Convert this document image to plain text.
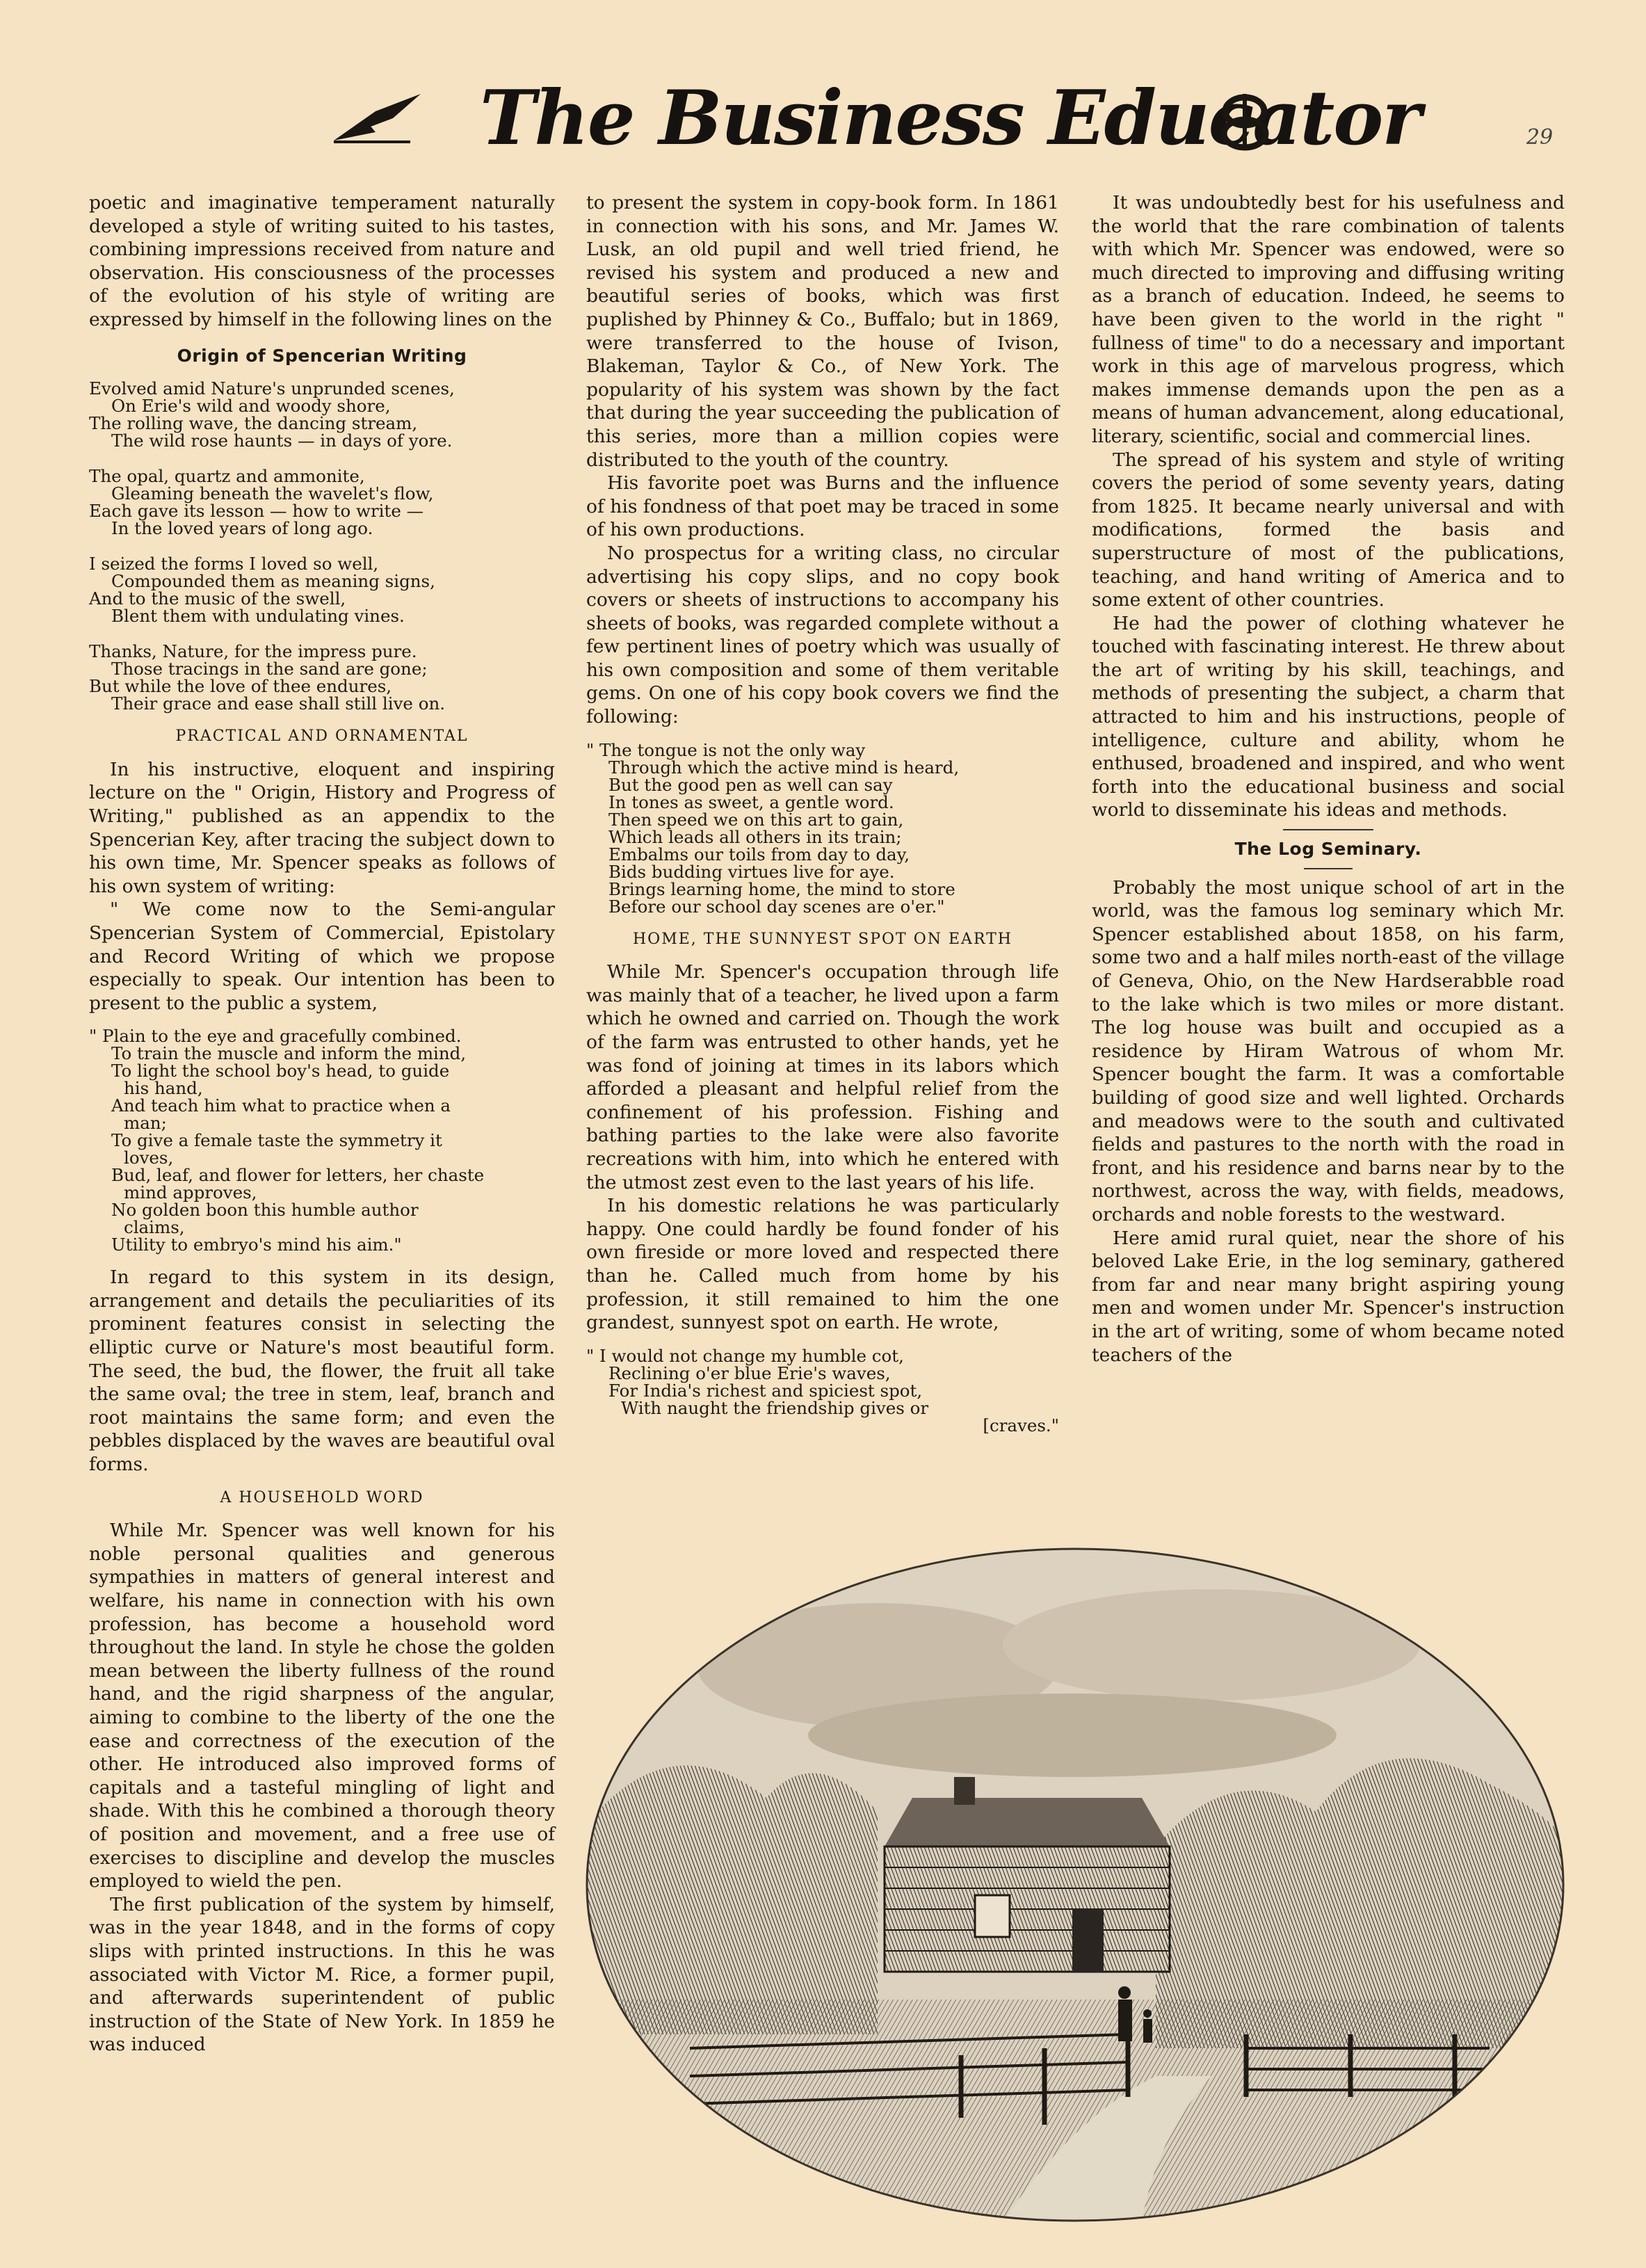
The Business Educator	29

poetic and imaginative temperament naturally developed a style of writing suited to his tastes, combining impressions received from nature and observation. His consciousness of the processes of the evolution of his style of writing are expressed by himself in the following lines on the

Origin of Spencerian Writing
Evolved amid Nature's unprunded scenes,
On Erie's wild and woody shore,
The rolling wave, the dancing stream,
The wild rose haunts — in days of yore.
The opal, quartz and ammonite,
Gleaming beneath the wavelet's flow,
Each gave its lesson — how to write —
In the loved years of long ago.
I seized the forms I loved so well,
Compounded them as meaning signs,
And to the music of the swell,
Blent them with undulating vines.
Thanks, Nature, for the impress pure.
Those tracings in the sand are gone;
But while the love of thee endures,
Their grace and ease shall still live on.
PRACTICAL AND ORNAMENTAL

In his instructive, eloquent and inspiring lecture on the " Origin, History and Progress of Writing," published as an appendix to the Spencerian Key, after tracing the subject down to his own time, Mr. Spencer speaks as follows of his own system of writing:

" We come now to the Semi-angular Spencerian System of Commercial, Epistolary and Record Writing of which we propose especially to speak. Our intention has been to present to the public a system,

" Plain to the eye and gracefully combined.
To train the muscle and inform the mind,
To light the school boy's head, to guide
his hand,
And teach him what to practice when a
man;
To give a female taste the symmetry it
loves,
Bud, leaf, and flower for letters, her chaste
mind approves,
No golden boon this humble author
claims,
Utility to embryo's mind his aim."

In regard to this system in its design, arrangement and details the peculiarities of its prominent features consist in selecting the elliptic curve or Nature's most beautiful form. The seed, the bud, the flower, the fruit all take the same oval; the tree in stem, leaf, branch and root maintains the same form; and even the pebbles displaced by the waves are beautiful oval forms.

A HOUSEHOLD WORD

While Mr. Spencer was well known for his noble personal qualities and generous sympathies in matters of general interest and welfare, his name in connection with his own profession, has become a household word throughout the land. In style he chose the golden mean between the liberty fullness of the round hand, and the rigid sharpness of the angular, aiming to combine to the liberty of the one the ease and correctness of the execution of the other. He introduced also improved forms of capitals and a tasteful mingling of light and shade. With this he combined a thorough theory of position and movement, and a free use of exercises to discipline and develop the muscles employed to wield the pen.

The first publication of the system by himself, was in the year 1848, and in the forms of copy slips with printed instructions. In this he was associated with Victor M. Rice, a former pupil, and afterwards superintendent of public instruction of the State of New York. In 1859 he was induced

to present the system in copy-book form. In 1861 in connection with his sons, and Mr. James W. Lusk, an old pupil and well tried friend, he revised his system and produced a new and beautiful series of books, which was first puplished by Phinney & Co., Buffalo; but in 1869, were transferred to the house of Ivison, Blakeman, Taylor & Co., of New York. The popularity of his system was shown by the fact that during the year succeeding the publication of this series, more than a million copies were distributed to the youth of the country.

His favorite poet was Burns and the influence of his fondness of that poet may be traced in some of his own productions.

No prospectus for a writing class, no circular advertising his copy slips, and no copy book covers or sheets of instructions to accompany his sheets of books, was regarded complete without a few pertinent lines of poetry which was usually of his own composition and some of them veritable gems. On one of his copy book covers we find the following:

" The tongue is not the only way
Through which the active mind is heard,
But the good pen as well can say
In tones as sweet, a gentle word.
Then speed we on this art to gain,
Which leads all others in its train;
Embalms our toils from day to day,
Bids budding virtues live for aye.
Brings learning home, the mind to store
Before our school day scenes are o'er."
HOME, THE SUNNYEST SPOT ON EARTH

While Mr. Spencer's occupation through life was mainly that of a teacher, he lived upon a farm which he owned and carried on. Though the work of the farm was entrusted to other hands, yet he was fond of joining at times in its labors which afforded a pleasant and helpful relief from the confinement of his profession. Fishing and bathing parties to the lake were also favorite recreations with him, into which he entered with the utmost zest even to the last years of his life.

In his domestic relations he was particularly happy. One could hardly be found fonder of his own fireside or more loved and respected there than he. Called much from home by his profession, it still remained to him the one grandest, sunnyest spot on earth. He wrote,

" I would not change my humble cot,
Reclining o'er blue Erie's waves,
For India's richest and spiciest spot,
With naught the friendship gives or
[craves."

It was undoubtedly best for his usefulness and the world that the rare combination of talents with which Mr. Spencer was endowed, were so much directed to improving and diffusing writing as a branch of education. Indeed, he seems to have been given to the world in the right " fullness of time" to do a necessary and important work in this age of marvelous progress, which makes immense demands upon the pen as a means of human advancement, along educational, literary, scientific, social and commercial lines.

The spread of his system and style of writing covers the period of some seventy years, dating from 1825. It became nearly universal and with modifications, formed the basis and superstructure of most of the publications, teaching, and hand writing of America and to some extent of other countries.

He had the power of clothing whatever he touched with fascinating interest. He threw about the art of writing by his skill, teachings, and methods of presenting the subject, a charm that attracted to him and his instructions, people of intelligence, culture and ability, whom he enthused, broadened and inspired, and who went forth into the educational business and social world to disseminate his ideas and methods.

The Log Seminary.

Probably the most unique school of art in the world, was the famous log seminary which Mr. Spencer established about 1858, on his farm, some two and a half miles north-east of the village of Geneva, Ohio, on the New Hardserabble road to the lake which is two miles or more distant. The log house was built and occupied as a residence by Hiram Watrous of whom Mr. Spencer bought the farm. It was a comfortable building of good size and well lighted. Orchards and meadows were to the south and cultivated fields and pastures to the north with the road in front, and his residence and barns near by to the northwest, across the way, with fields, meadows, orchards and noble forests to the westward.

Here amid rural quiet, near the shore of his beloved Lake Erie, in the log seminary, gathered from far and near many bright aspiring young men and women under Mr. Spencer's instruction in the art of writing, some of whom became noted teachers of the
